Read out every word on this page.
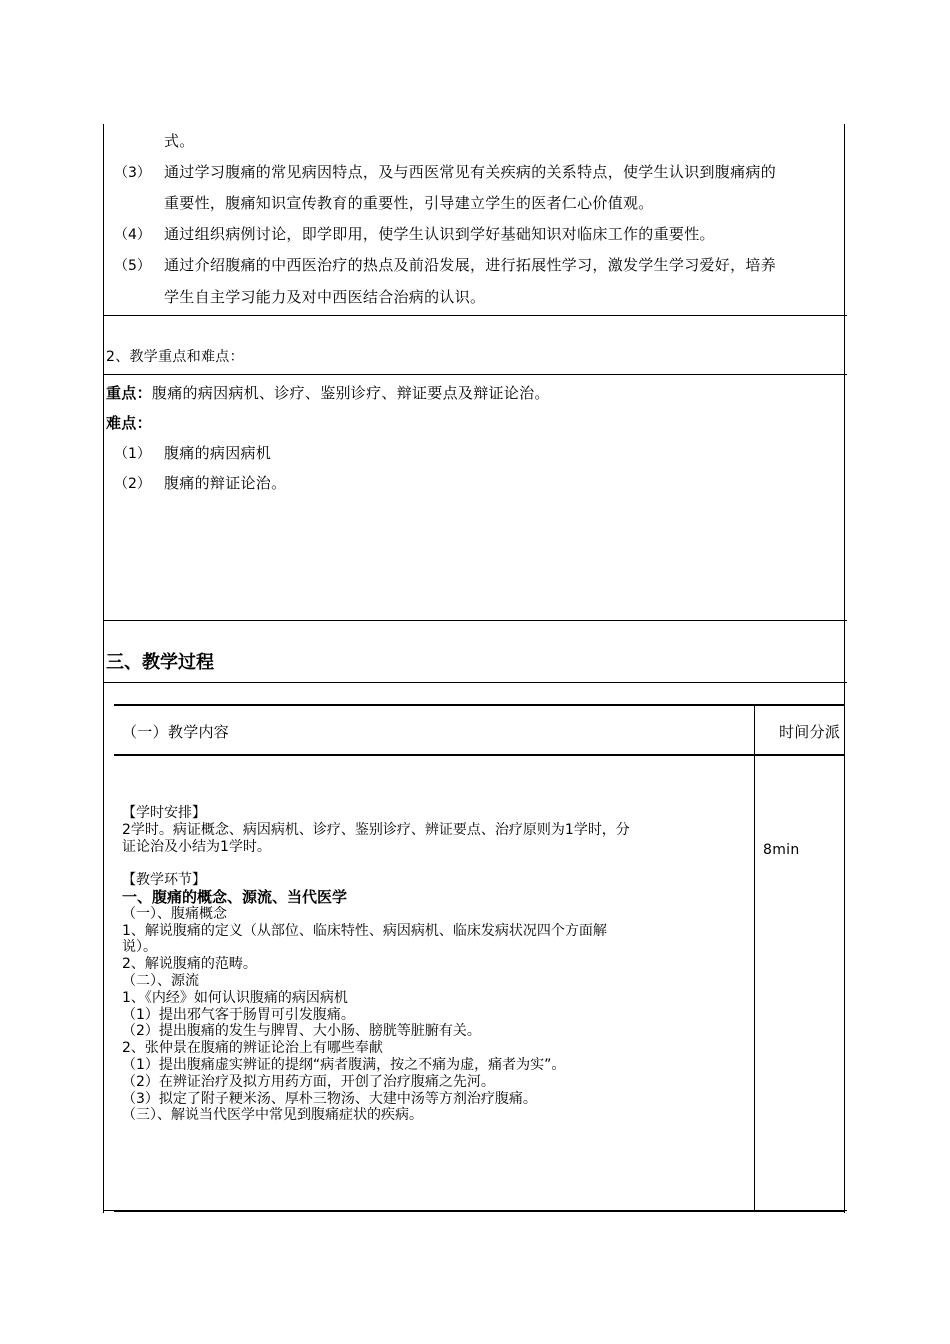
式。
（3） 通过学习腹痛的常见病因特点，及与西医常见有关疾病的关系特点，使学生认识到腹痛病的
重要性，腹痛知识宣传教育的重要性，引导建立学生的医者仁心价值观。
（4） 通过组织病例讨论，即学即用，使学生认识到学好基础知识对临床工作的重要性。
（5） 通过介绍腹痛的中西医治疗的热点及前沿发展，进行拓展性学习，激发学生学习爱好，培养
学生自主学习能力及对中西医结合治病的认识。
2、教学重点和难点：
重点：腹痛的病因病机、诊疗、鉴别诊疗、辩证要点及辩证论治。
难点：
（1） 腹痛的病因病机
（2） 腹痛的辩证论治。
三、教学过程
（一）教学内容	时间分派
8min
【学时安排】
2学时。病证概念、病因病机、诊疗、鉴别诊疗、辨证要点、治疗原则为1学时，分
证论治及小结为1学时。
【教学环节】
一、腹痛的概念、源流、当代医学
（一）、腹痛概念
1、解说腹痛的定义（从部位、临床特性、病因病机、临床发病状况四个方面解
说）。
2、解说腹痛的范畴。
（二）、源流
1、《内经》如何认识腹痛的病因病机
（1）提出邪气客于肠胃可引发腹痛。
（2）提出腹痛的发生与脾胃、大小肠、膀胱等脏腑有关。
2、张仲景在腹痛的辨证论治上有哪些奉献
（1）提出腹痛虚实辨证的提纲“病者腹满，按之不痛为虚，痛者为实”。
（2）在辨证治疗及拟方用药方面，开创了治疗腹痛之先河。
（3）拟定了附子粳米汤、厚朴三物汤、大建中汤等方剂治疗腹痛。
（三）、解说当代医学中常见到腹痛症状的疾病。
